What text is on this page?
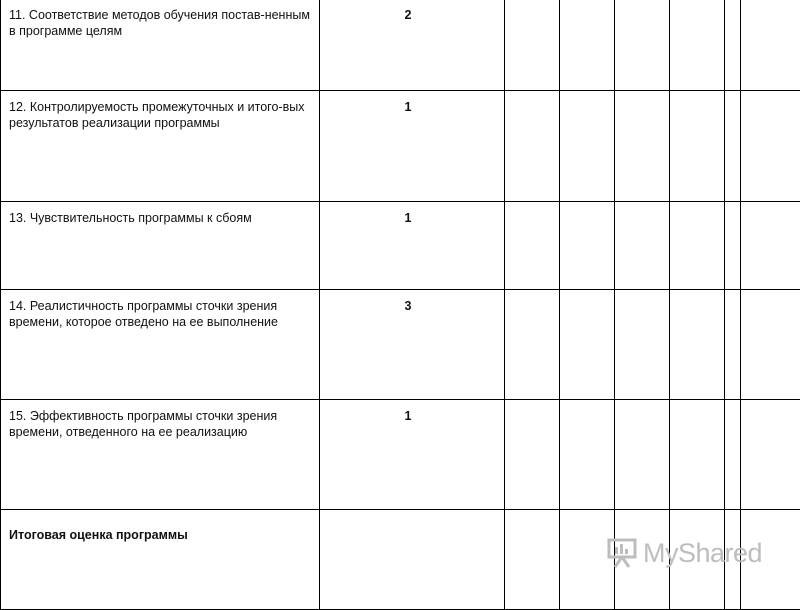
11. Соответствие методов обучения постав-ненным в программе целям	2						
12. Контролируемость промежуточных и итого-вых результатов реализации программы	1						
13. Чувствительность программы к сбоям	1						
14. Реалистичность программы сточки зрения времени, которое отведено на ее выполнение	3						
15. Эффективность программы сточки зрения времени, отведенного на ее реализацию	1						
Итоговая оценка программы							
MyShared
